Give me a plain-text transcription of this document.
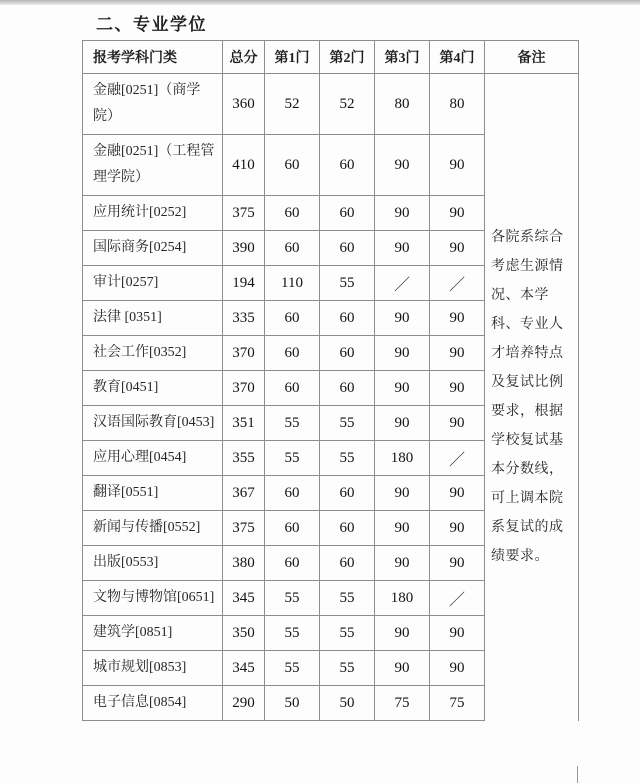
二、专业学位
报考学科门类	总分	第1门	第2门	第3门	第4门	备注
金融[0251]（商学院）	360	52	52	80	80	各院系综合考虑生源情况、本学科、专业人才培养特点及复试比例要求，根据学校复试基本分数线，可上调本院系复试的成绩要求。
金融[0251]（工程管理学院）	410	60	60	90	90	
应用统计[0252]	375	60	60	90	90	
国际商务[0254]	390	60	60	90	90	
审计[0257]	194	110	55	／	／	
法律 [0351]	335	60	60	90	90	
社会工作[0352]	370	60	60	90	90	
教育[0451]	370	60	60	90	90	
汉语国际教育[0453]	351	55	55	90	90	
应用心理[0454]	355	55	55	180	／	
翻译[0551]	367	60	60	90	90	
新闻与传播[0552]	375	60	60	90	90	
出版[0553]	380	60	60	90	90	
文物与博物馆[0651]	345	55	55	180	／	
建筑学[0851]	350	55	55	90	90	
城市规划[0853]	345	55	55	90	90	
电子信息[0854]	290	50	50	75	75	
